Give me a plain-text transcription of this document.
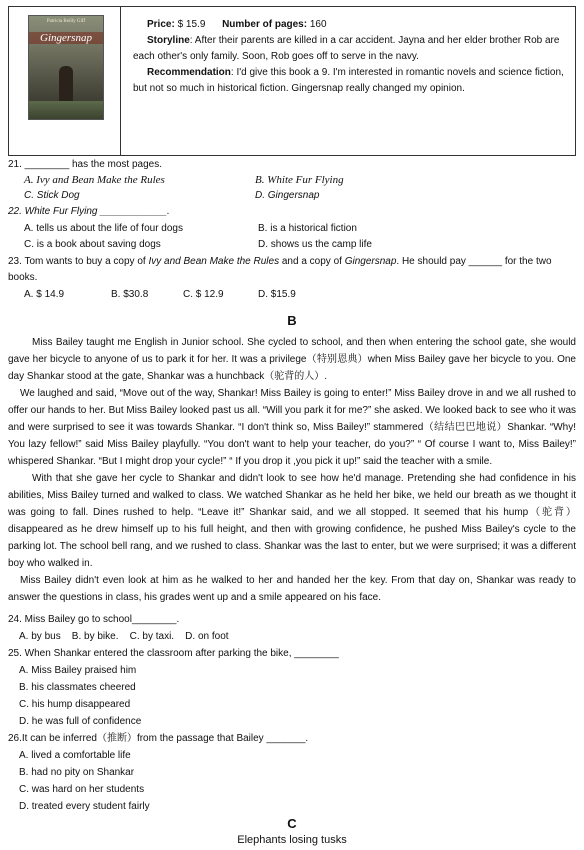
Patricia Reilly Giff
Gingersnap

Price: $ 15.9 Number of pages: 160

Storyline: After their parents are killed in a car accident. Jayna and her elder brother Rob are each other's only family. Soon, Rob goes off to serve in the navy.

Recommendation: I'd give this book a 9. I'm interested in romantic novels and science fiction, but not so much in historical fiction. Gingersnap really changed my opinion.

21. ________ has the most pages.
A. Ivy and Bean Make the Rules	B. White Fur Flying
C. Stick Dog	D. Gingersnap
22. White Fur Flying ____________.
A. tells us about the life of four dogs	B. is a historical fiction
C. is a book about saving dogs	D. shows us the camp life
23. Tom wants to buy a copy of Ivy and Bean Make the Rules and a copy of Gingersnap. He should pay ______ for the two
books.
A. $ 14.9	B. $30.8	C. $ 12.9	D. $15.9
B

Miss Bailey taught me English in Junior school. She cycled to school, and then when entering the school gate, she would gave her bicycle to anyone of us to park it for her. It was a privilege（特别恩典）when Miss Bailey gave her bicycle to you. One day Shankar stood at the gate, Shankar was a hunchback（驼背的人）.

We laughed and said, “Move out of the way, Shankar! Miss Bailey is going to enter!” Miss Bailey drove in and we all rushed to offer our hands to her. But Miss Bailey looked past us all. “Will you park it for me?” she asked. We looked back to see who it was and were surprised to see it was towards Shankar. “I don't think so, Miss Bailey!” stammered（结结巴巴地说）Shankar. “Why! You lazy fellow!” said Miss Bailey playfully. “You don't want to help your teacher, do you?” “ Of course I want to, Miss Bailey!” whispered Shankar. “But I might drop your cycle!” “ If you drop it ,you pick it up!” said the teacher with a smile.

With that she gave her cycle to Shankar and didn't look to see how he'd manage. Pretending she had confidence in his abilities, Miss Bailey turned and walked to class. We watched Shankar as he held her bike, we held our breath as we thought it was going to fall. Dines rushed to help. “Leave it!” Shankar said, and we all stopped. It seemed that his hump（驼背）disappeared as he drew himself up to his full height, and then with growing confidence, he pushed Miss Bailey's cycle to the parking lot. The school bell rang, and we rushed to class. Shankar was the last to enter, but we were surprised; it was a different boy who walked in.

Miss Bailey didn't even look at him as he walked to her and handed her the key. From that day on, Shankar was ready to answer the questions in class, his grades went up and a smile appeared on his face.

24. Miss Bailey go to school________.
A. by bus    B. by bike.    C. by taxi.    D. on foot
25. When Shankar entered the classroom after parking the bike, ________
A. Miss Bailey praised him
B. his classmates cheered
C. his hump disappeared
D. he was full of confidence
26.It can be inferred（推断）from the passage that Bailey _______.
A. lived a comfortable life
B. had no pity on Shankar
C. was hard on her students
D. treated every student fairly
C
Elephants losing tusks
